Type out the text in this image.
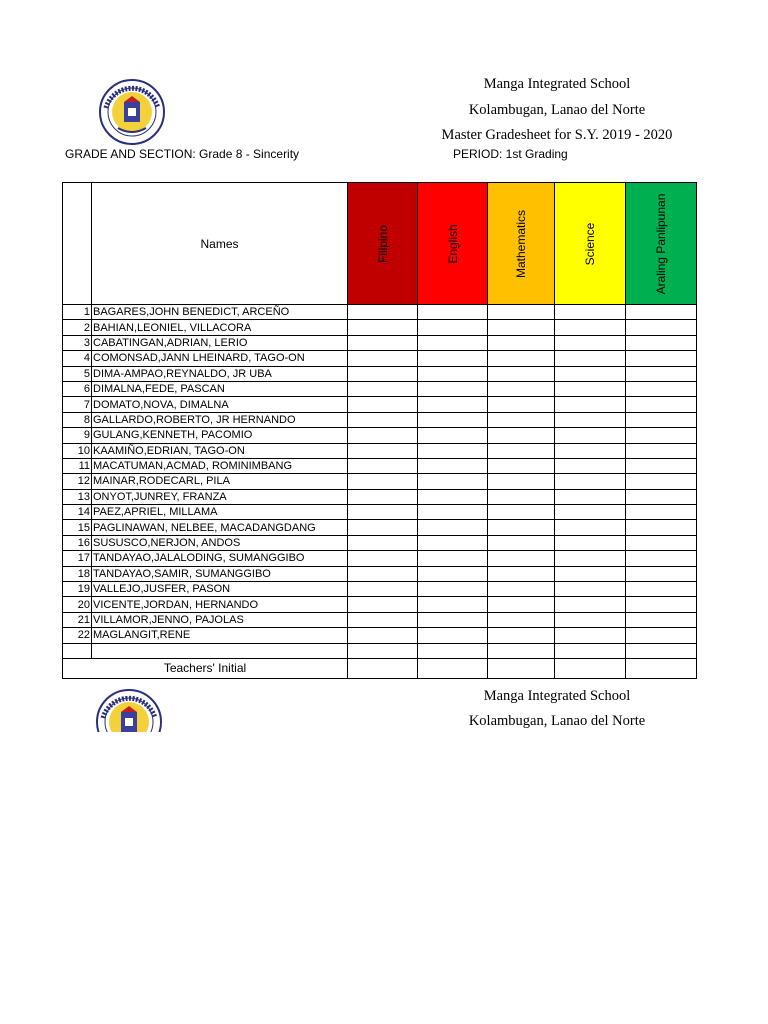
Manga Integrated School
Kolambugan, Lanao del Norte
Master Gradesheet for S.Y. 2019 - 2020
GRADE AND SECTION: Grade 8 - Sincerity	PERIOD: 1st Grading

	Names	Filipino	English	Mathematics	Science	Araling Panlipunan

1	BAGARES,JOHN BENEDICT, ARCEÑO					
2	BAHIAN,LEONIEL, VILLACORA					
3	CABATINGAN,ADRIAN, LERIO					
4	COMONSAD,JANN LHEINARD, TAGO-ON					
5	DIMA-AMPAO,REYNALDO, JR UBA					
6	DIMALNA,FEDE, PASCAN					
7	DOMATO,NOVA, DIMALNA					
8	GALLARDO,ROBERTO, JR HERNANDO					
9	GULANG,KENNETH, PACOMIO					
10	KAAMIÑO,EDRIAN, TAGO-ON					
11	MACATUMAN,ACMAD, ROMINIMBANG					
12	MAINAR,RODECARL, PILA					
13	ONYOT,JUNREY, FRANZA					
14	PAEZ,APRIEL, MILLAMA					
15	PAGLINAWAN, NELBEE, MACADANGDANG					
16	SUSUSCO,NERJON, ANDOS					
17	TANDAYAO,JALALODING, SUMANGGIBO					
18	TANDAYAO,SAMIR, SUMANGGIBO					
19	VALLEJO,JUSFER, PASON					
20	VICENTE,JORDAN, HERNANDO					
21	VILLAMOR,JENNO, PAJOLAS					
22	MAGLANGIT,RENE					

Teachers' Initial						
Manga Integrated School
Kolambugan, Lanao del Norte
